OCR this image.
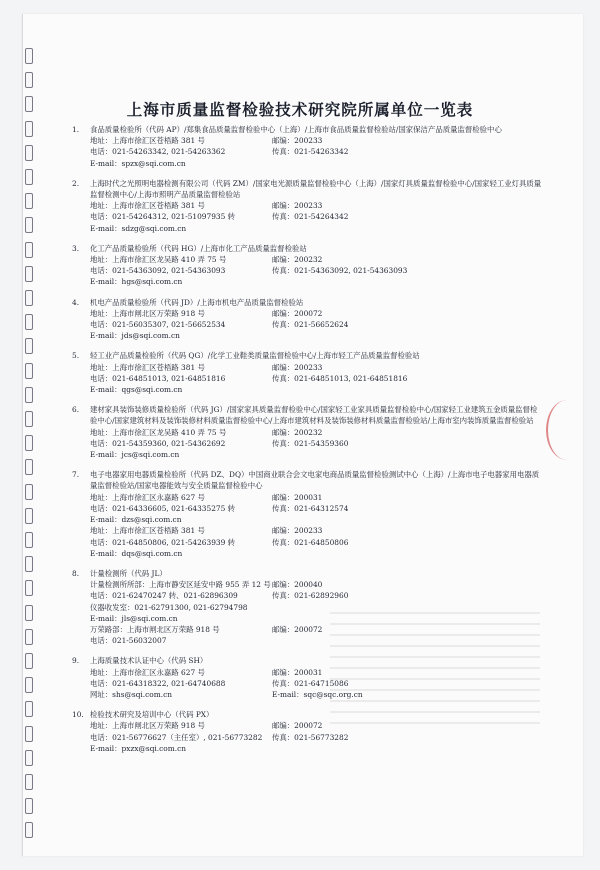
上海市质量监督检验技术研究院所属单位一览表
1.	食品质量检验所（代码 AP）/郑集食品质量监督检验中心（上海）/上海市食品质量监督检验站/国家保洁产品质量监督检验中心
地址：上海市徐汇区苍梧路 381 号	邮编：200233
电话：021-54263342, 021-54263362	传真：021-54263342
E-mail：spzx@sqi.com.cn
2.	上海时代之光照明电器检测有限公司（代码 ZM）/国家电光源质量监督检验中心（上海）/国家灯具质量监督检验中心/国家轻工业灯具质量监督检测中心/上海市照明产品质量监督检验站
地址：上海市徐汇区苍梧路 381 号	邮编：200233
电话：021-54264312, 021-51097935 转	传真：021-54264342
E-mail：sdzg@sqi.com.cn
3.	化工产品质量检验所（代码 HG）/上海市化工产品质量监督检验站
地址：上海市徐汇区龙吴路 410 弄 75 号	邮编：200232
电话：021-54363092, 021-54363093	传真：021-54363092, 021-54363093
E-mail：hgs@sqi.com.cn
4.	机电产品质量检验所（代码 JD）/上海市机电产品质量监督检验站
地址：上海市闸北区万荣路 918 号	邮编：200072
电话：021-56035307, 021-56652534	传真：021-56652624
E-mail：jds@sqi.com.cn
5.	轻工业产品质量检验所（代码 QG）/化学工业鞋类质量监督检验中心/上海市轻工产品质量监督检验站
地址：上海市徐汇区苍梧路 381 号	邮编：200233
电话：021-64851013, 021-64851816	传真：021-64851013, 021-64851816
E-mail：qgs@sqi.com.cn
6.	建材家具装饰装修质量检验所（代码 JG）/国家家具质量监督检验中心/国家轻工业家具质量监督检验中心/国家轻工业建筑五金质量监督检验中心/国家建筑材料及装饰装修材料质量监督检验中心/上海市建筑材料及装饰装修材料质量监督检验站/上海市室内装饰质量监督检验站
地址：上海市徐汇区龙吴路 410 弄 75 号	邮编：200232
电话：021-54359360, 021-54362692	传真：021-54359360
E-mail：jcs@sqi.com.cn
7.	电子电器家用电器质量检验所（代码 DZ、DQ）中国商业联合会文电家电商品质量监督检验测试中心（上海）/上海市电子电器家用电器质量监督检验站/国家电器能效与安全质量监督检验中心
地址：上海市徐汇区永嘉路 627 号	邮编：200031
电话：021-64336605, 021-64335275 转	传真：021-64312574
E-mail：dzs@sqi.com.cn
地址：上海市徐汇区苍梧路 381 号	邮编：200233
电话：021-64850806, 021-54263939 转	传真：021-64850806
E-mail：dqs@sqi.com.cn
8.	计量检测所（代码 JL）
计量检测所所部：上海市静安区延安中路 955 弄 12 号 邮编：200040
电话：021-62470247 转、021-62896309	传真：021-62892960
仪器收发室：021-62791300, 021-62794798
E-mail：jls@sqi.com.cn
万荣路部：上海市闸北区万荣路 918 号	邮编：200072
电话：021-56032007
9.	上海质量技术认证中心（代码 SH）
地址：上海市徐汇区永嘉路 627 号	邮编：200031
电话：021-64318322, 021-64740688	传真：021-64715086
网址：shs@sqi.com.cn	E-mail：sqc@sqc.org.cn
10. 检验技术研究及培训中心（代码 PX）
地址：上海市闸北区万荣路 918 号	邮编：200072
电话：021-56776627（主任室）, 021-56773282	传真：021-56773282
E-mail：pxzx@sqi.com.cn
